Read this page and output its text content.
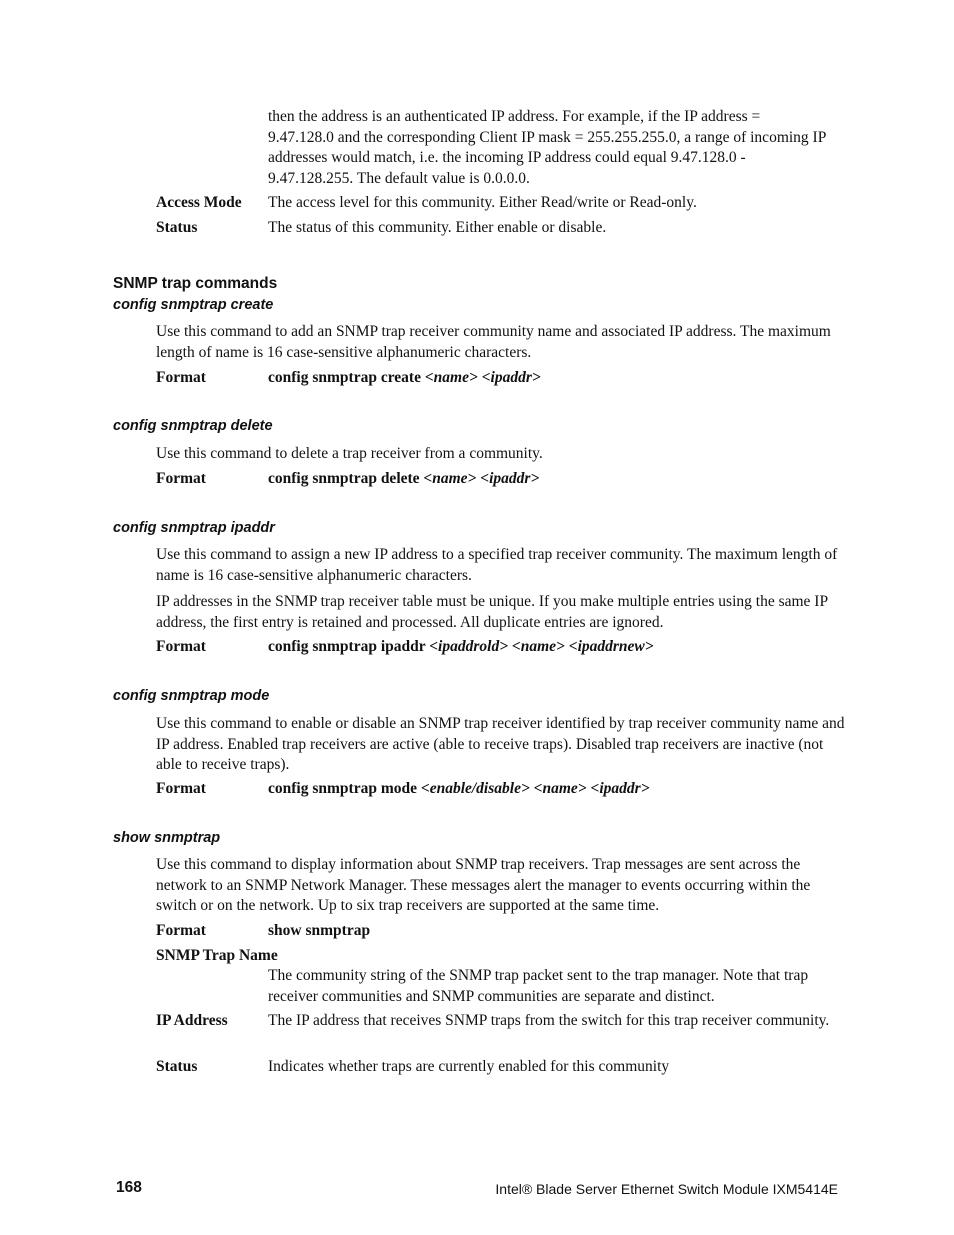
then the address is an authenticated IP address. For example, if the IP address = 9.47.128.0 and the corresponding Client IP mask = 255.255.255.0, a range of incoming IP addresses would match, i.e. the incoming IP address could equal 9.47.128.0 - 9.47.128.255. The default value is 0.0.0.0.
Access Mode The access level for this community. Either Read/write or Read-only.
Status	The status of this community. Either enable or disable.
SNMP trap commands
config snmptrap create
Use this command to add an SNMP trap receiver community name and associated IP address. The maximum length of name is 16 case-sensitive alphanumeric characters.
Format	config snmptrap create <name> <ipaddr>
config snmptrap delete
Use this command to delete a trap receiver from a community.
Format	config snmptrap delete <name> <ipaddr>
config snmptrap ipaddr
Use this command to assign a new IP address to a specified trap receiver community. The maximum length of name is 16 case-sensitive alphanumeric characters.
IP addresses in the SNMP trap receiver table must be unique. If you make multiple entries using the same IP address, the first entry is retained and processed. All duplicate entries are ignored.
Format	config snmptrap ipaddr <ipaddrold> <name> <ipaddrnew>
config snmptrap mode
Use this command to enable or disable an SNMP trap receiver identified by trap receiver community name and IP address. Enabled trap receivers are active (able to receive traps). Disabled trap receivers are inactive (not able to receive traps).
Format	config snmptrap mode <enable/disable> <name> <ipaddr>
show snmptrap
Use this command to display information about SNMP trap receivers. Trap messages are sent across the network to an SNMP Network Manager. These messages alert the manager to events occurring within the switch or on the network. Up to six trap receivers are supported at the same time.
Format	show snmptrap
SNMP Trap Name
The community string of the SNMP trap packet sent to the trap manager. Note that trap receiver communities and SNMP communities are separate and distinct.
IP Address	The IP address that receives SNMP traps from the switch for this trap receiver community.
Status	Indicates whether traps are currently enabled for this community
168	Intel® Blade Server Ethernet Switch Module IXM5414E
